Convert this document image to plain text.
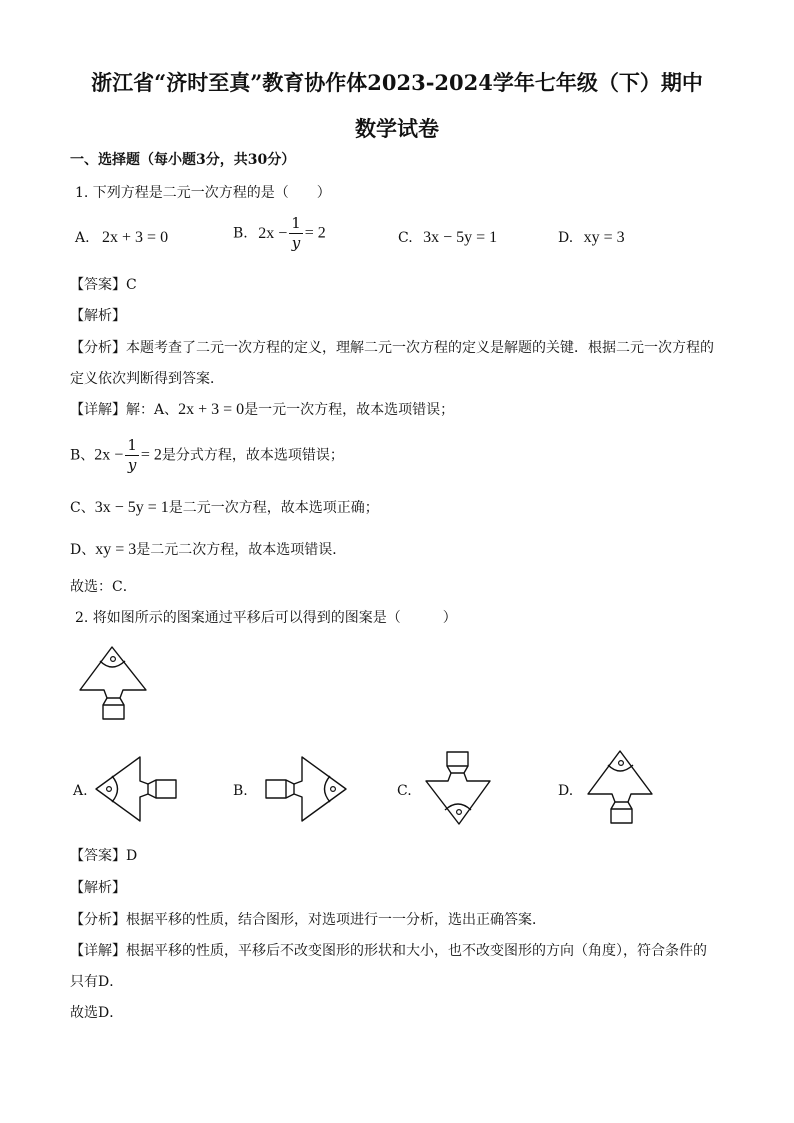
浙江省“济时至真”教育协作体2023-2024学年七年级（下）期中
数学试卷
一、选择题（每小题3分，共30分）
1. 下列方程是二元一次方程的是（　　）
A. 2x + 3 = 0	B. $2x - \frac{1}{y} = 2$	C. 3x − 5y = 1	D. xy = 3
【答案】C
【解析】
【分析】本题考查了二元一次方程的定义，理解二元一次方程的定义是解题的关键．根据二元一次方程的
定义依次判断得到答案．
【详解】解：A、2x + 3 = 0是一元一次方程，故本选项错误；
B、$2x - \frac{1}{y} = 2$是分式方程，故本选项错误；
C、3x − 5y = 1是二元一次方程，故本选项正确；
D、xy = 3是二元二次方程，故本选项错误．
故选：C．
2. 将如图所示的图案通过平移后可以得到的图案是（　　　）
A.	B.	C.	D.
【答案】D
【解析】
【分析】根据平移的性质，结合图形，对选项进行一一分析，选出正确答案．
【详解】根据平移的性质，平移后不改变图形的形状和大小，也不改变图形的方向（角度），符合条件的
只有D．
故选D．
